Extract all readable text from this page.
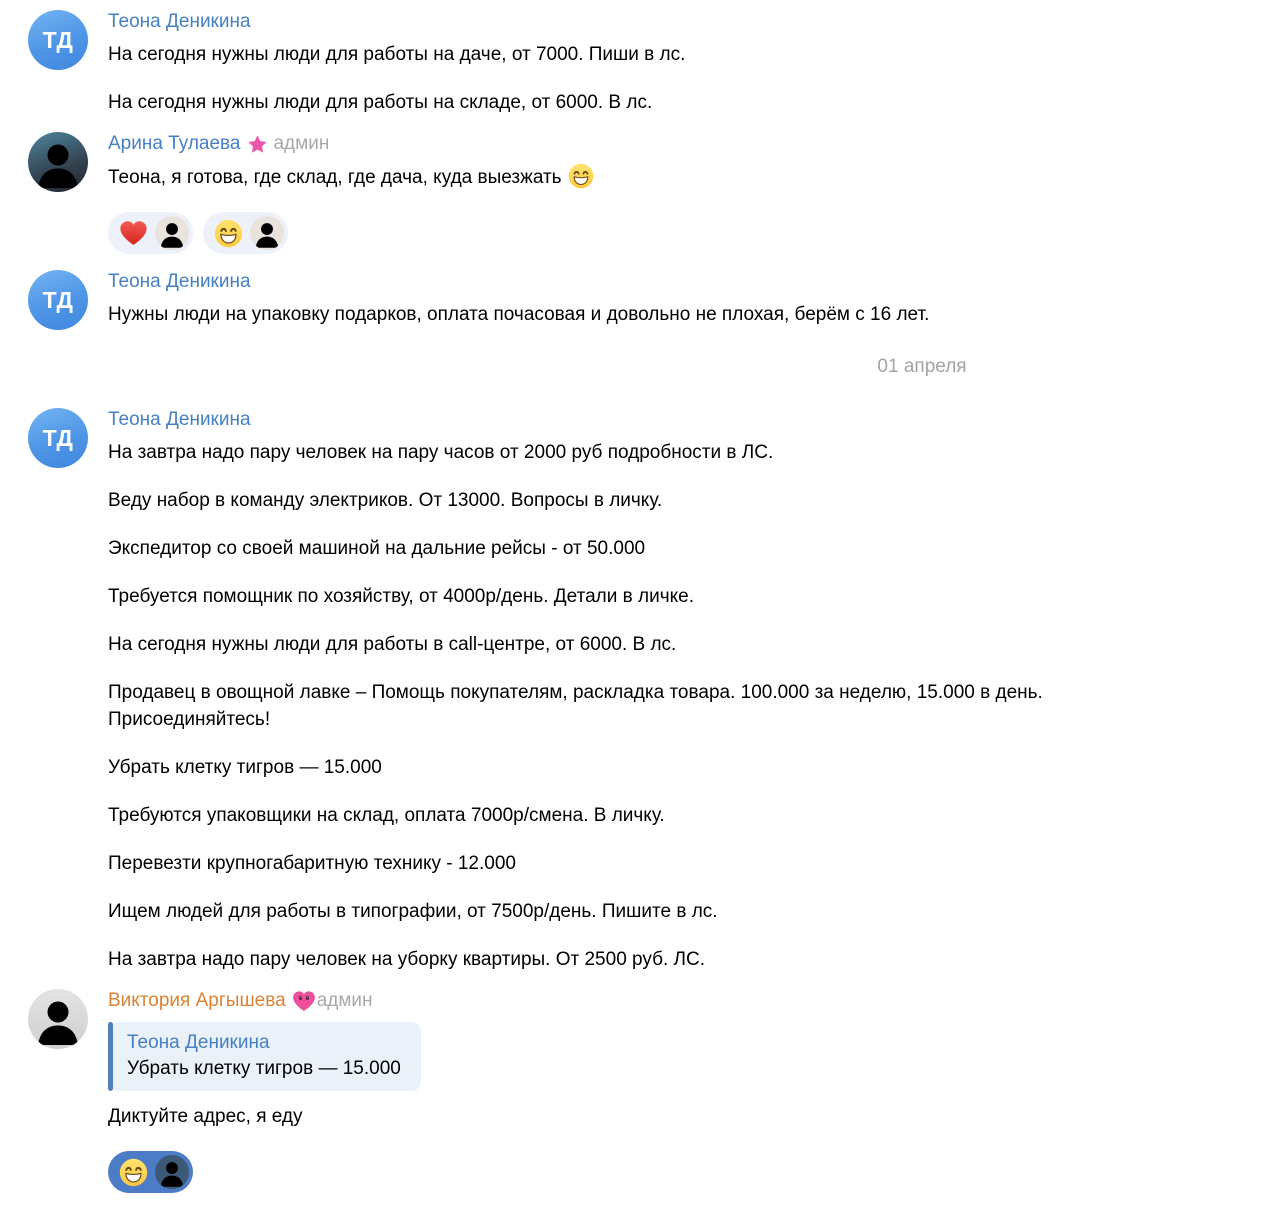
ТД
Теона Деникина
На сегодня нужны люди для работы на даче, от 7000. Пиши в лс.
На сегодня нужны люди для работы на складе, от 6000. В лс.
Арина Тулаева админ
Теона, я готова, где склад, где дача, куда выезжать
ТД
Теона Деникина
Нужны люди на упаковку подарков, оплата почасовая и довольно не плохая, берём с 16 лет.
01 апреля
ТД
Теона Деникина
На завтра надо пару человек на пару часов от 2000 руб подробности в ЛС.
Веду набор в команду электриков. От 13000. Вопросы в личку.
Экспедитор со своей машиной на дальние рейсы - от 50.000
Требуется помощник по хозяйству, от 4000р/день. Детали в личке.
На сегодня нужны люди для работы в call-центре, от 6000. В лс.
Продавец в овощной лавке – Помощь покупателям, раскладка товара. 100.000 за неделю, 15.000 в день. Присоединяйтесь!
Убрать клетку тигров — 15.000
Требуются упаковщики на склад, оплата 7000р/смена. В личку.
Перевезти крупногабаритную технику - 12.000
Ищем людей для работы в типографии, от 7500р/день. Пишите в лс.
На завтра надо пару человек на уборку квартиры. От 2500 руб. ЛС.
Виктория Аргышева админ
Теона Деникина
Убрать клетку тигров — 15.000
Диктуйте адрес, я еду
